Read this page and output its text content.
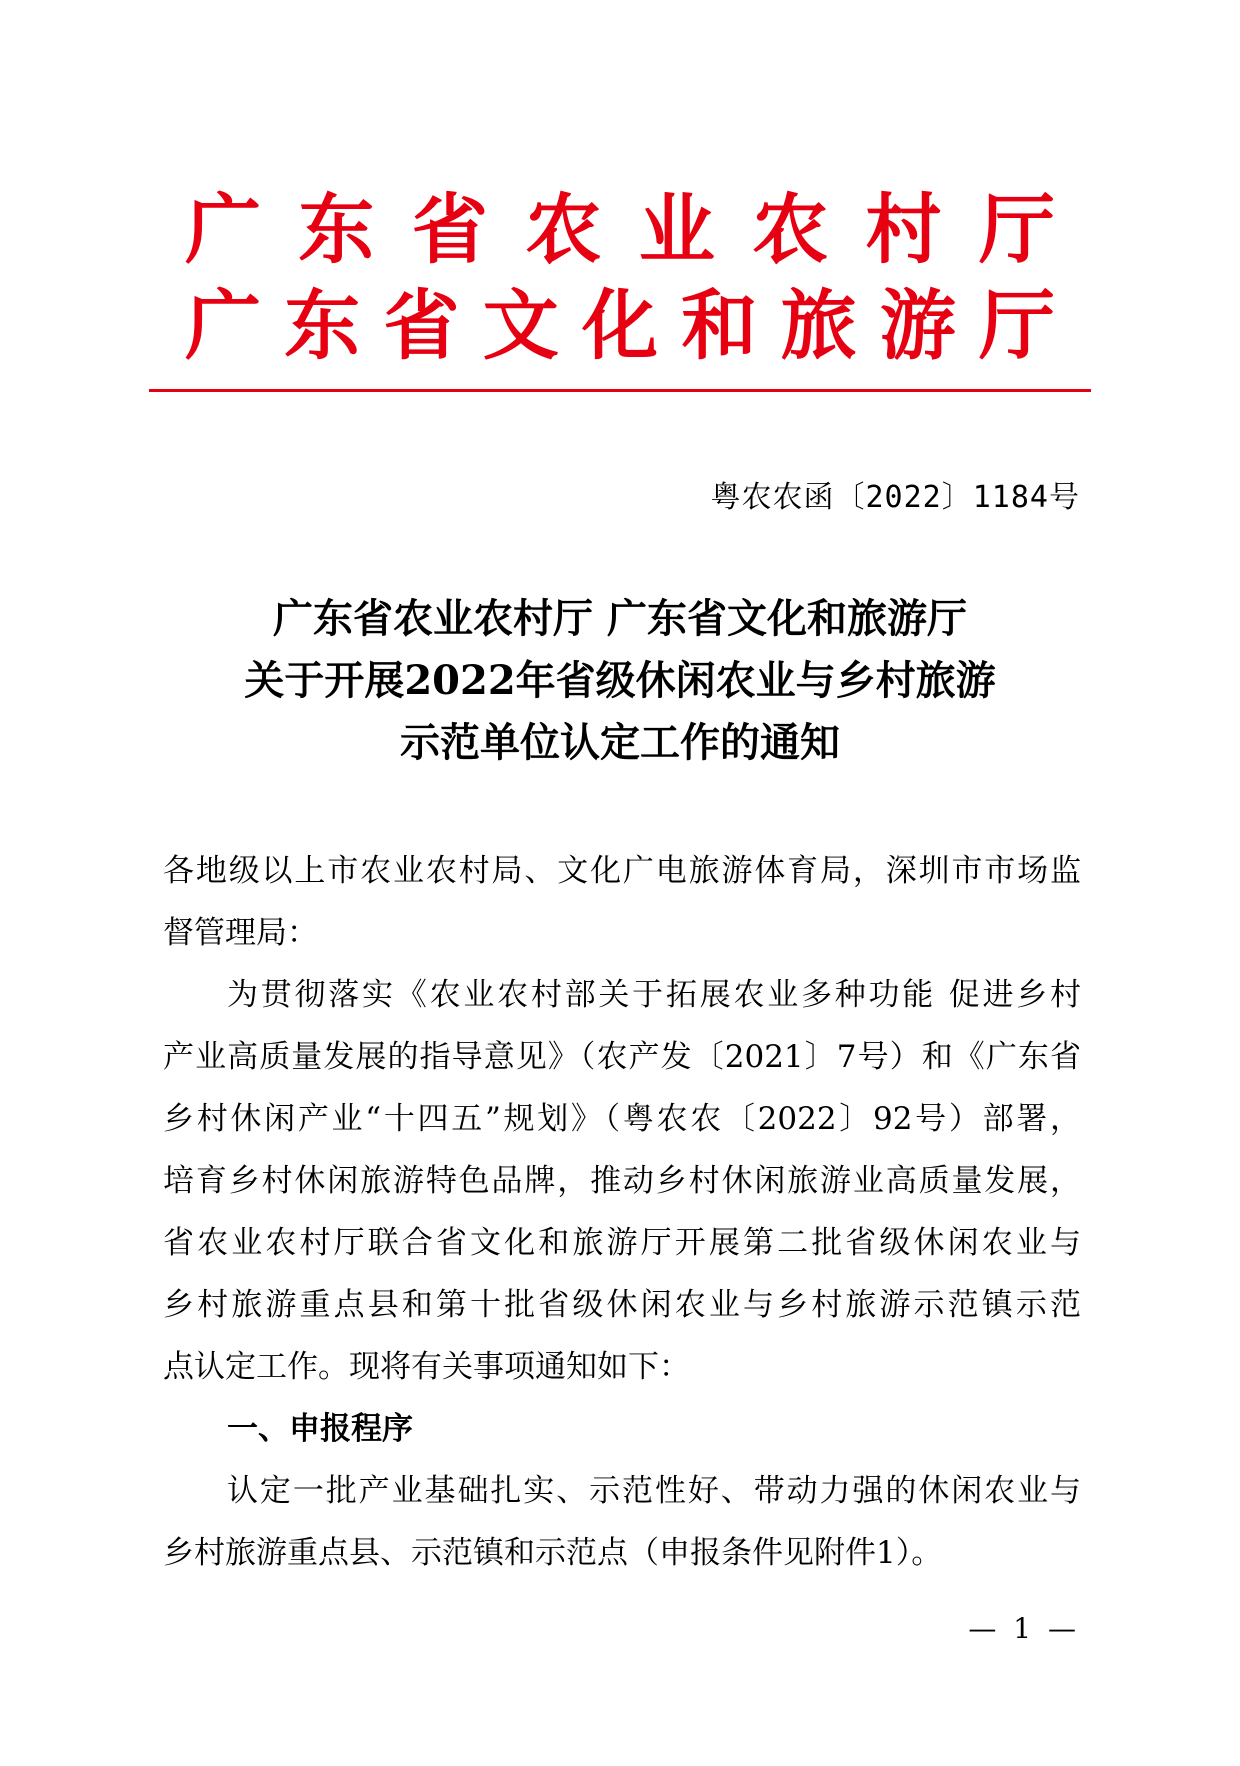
广 东 省 农 业 农 村 厅
广 东 省 文 化 和 旅 游 厅
粤农农函〔2022〕1184号
广东省农业农村厅 广东省文化和旅游厅
关于开展2022年省级休闲农业与乡村旅游
示范单位认定工作的通知
各地级以上市农业农村局、文化广电旅游体育局，深圳市市场监
督管理局：
为贯彻落实《农业农村部关于拓展农业多种功能 促进乡村
产业高质量发展的指导意见》（农产发〔2021〕7号）和《广东省
乡村休闲产业“十四五”规划》（粤农农〔2022〕92号）部署，
培育乡村休闲旅游特色品牌，推动乡村休闲旅游业高质量发展，
省农业农村厅联合省文化和旅游厅开展第二批省级休闲农业与
乡村旅游重点县和第十批省级休闲农业与乡村旅游示范镇示范
点认定工作。现将有关事项通知如下：
一、申报程序
认定一批产业基础扎实、示范性好、带动力强的休闲农业与
乡村旅游重点县、示范镇和示范点（申报条件见附件1）。
— 1 —
